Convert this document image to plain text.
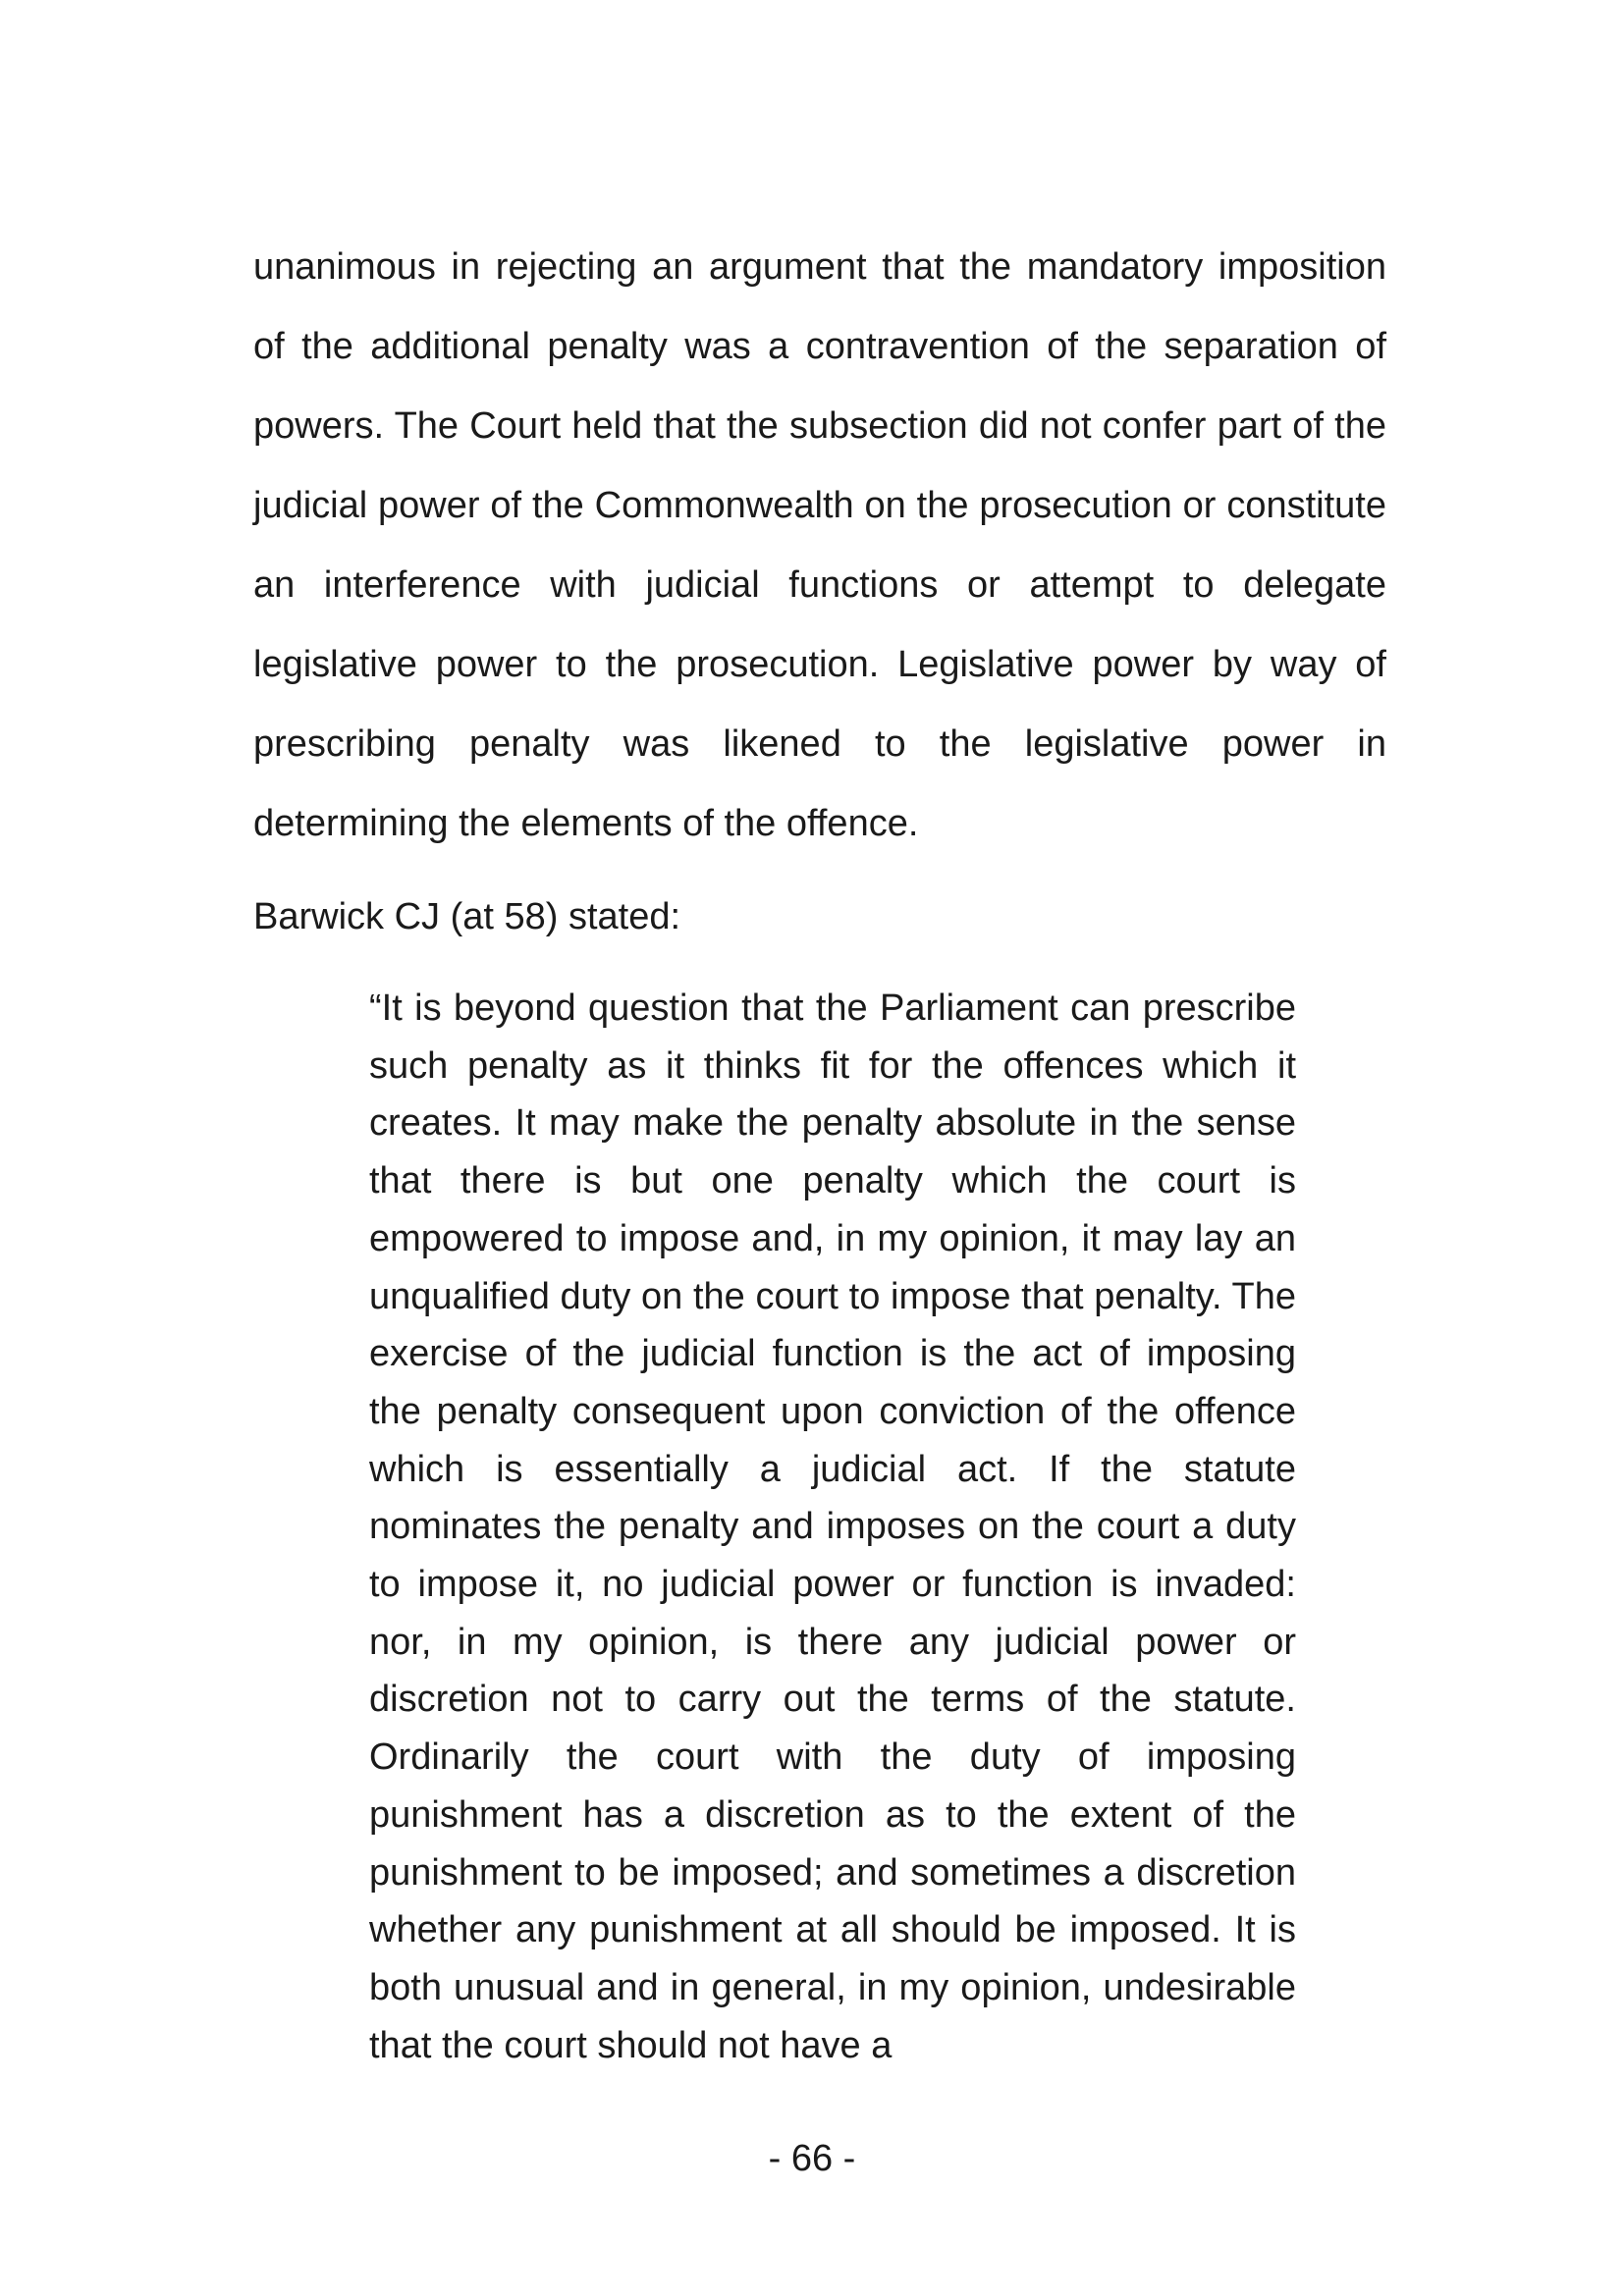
unanimous in rejecting an argument that the mandatory imposition of the additional penalty was a contravention of the separation of powers. The Court held that the subsection did not confer part of the judicial power of the Commonwealth on the prosecution or constitute an interference with judicial functions or attempt to delegate legislative power to the prosecution. Legislative power by way of prescribing penalty was likened to the legislative power in determining the elements of the offence.

Barwick CJ (at 58) stated:

“It is beyond question that the Parliament can prescribe such penalty as it thinks fit for the offences which it creates. It may make the penalty absolute in the sense that there is but one penalty which the court is empowered to impose and, in my opinion, it may lay an unqualified duty on the court to impose that penalty. The exercise of the judicial function is the act of imposing the penalty consequent upon conviction of the offence which is essentially a judicial act. If the statute nominates the penalty and imposes on the court a duty to impose it, no judicial power or function is invaded: nor, in my opinion, is there any judicial power or discretion not to carry out the terms of the statute. Ordinarily the court with the duty of imposing punishment has a discretion as to the extent of the punishment to be imposed; and sometimes a discretion whether any punishment at all should be imposed. It is both unusual and in general, in my opinion, undesirable that the court should not have a

- 66 -
